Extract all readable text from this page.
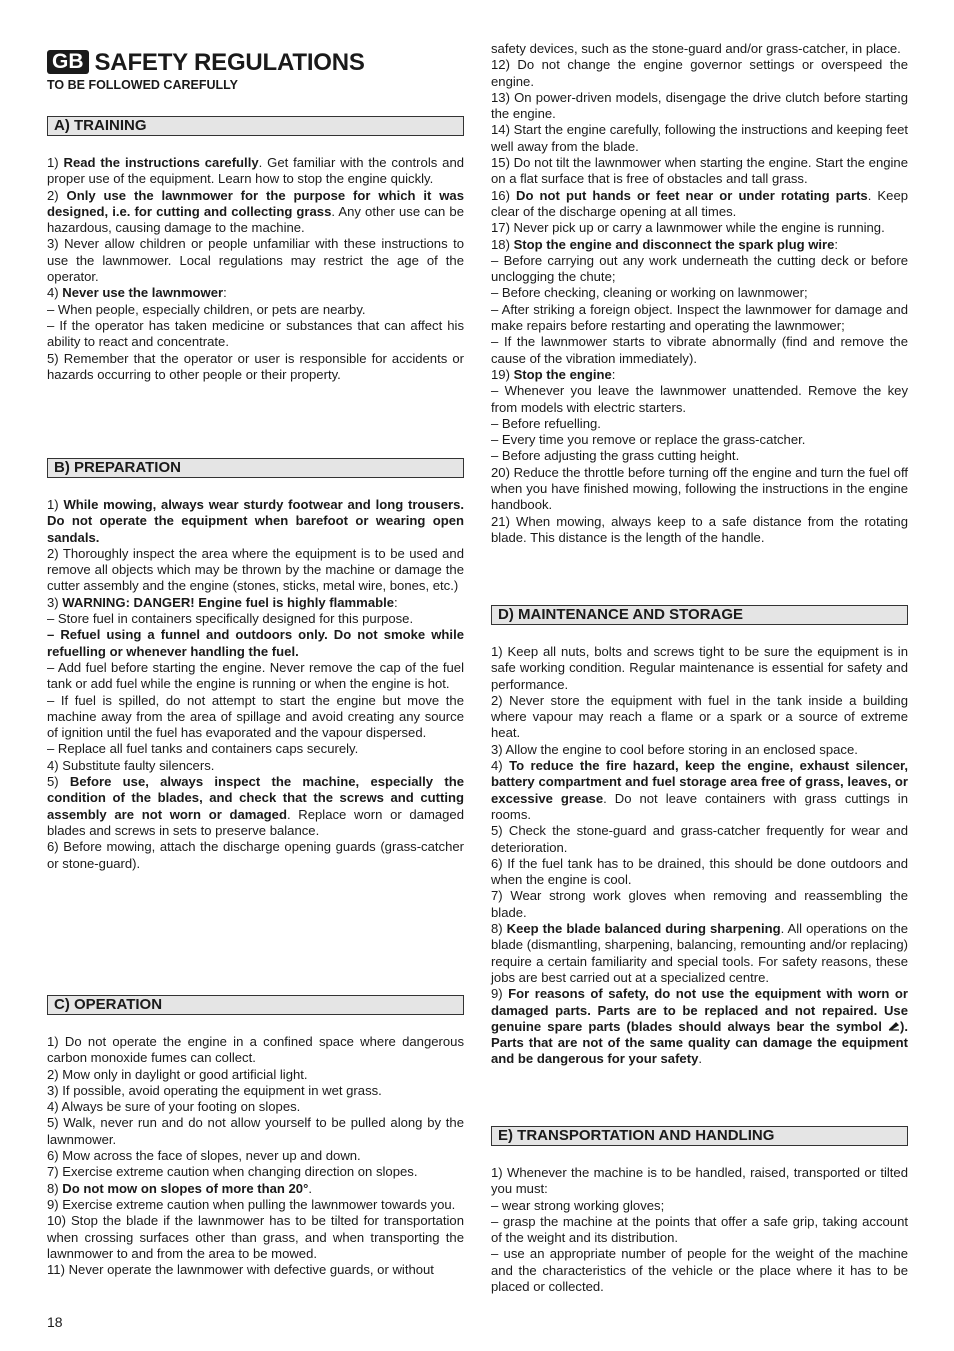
GB SAFETY REGULATIONS
TO BE FOLLOWED CAREFULLY
A) TRAINING
B) PREPARATION
C) OPERATION
D) MAINTENANCE AND STORAGE
E) TRANSPORTATION AND HANDLING

1) Read the instructions carefully. Get familiar with the controls and proper use of the equipment. Learn how to stop the engine quickly.

2) Only use the lawnmower for the purpose for which it was designed, i.e. for cutting and collecting grass. Any other use can be hazardous, causing damage to the machine.

3) Never allow children or people unfamiliar with these instructions to use the lawnmower. Local regulations may restrict the age of the operator.

4) Never use the lawnmower:

– When people, especially children, or pets are nearby.

– If the operator has taken medicine or substances that can affect his ability to react and concentrate.

5) Remember that the operator or user is responsible for accidents or hazards occurring to other people or their property.

1) While mowing, always wear sturdy footwear and long trousers. Do not operate the equipment when barefoot or wearing open sandals.

2) Thoroughly inspect the area where the equipment is to be used and remove all objects which may be thrown by the machine or damage the cutter assembly and the engine (stones, sticks, metal wire, bones, etc.)

3) WARNING: DANGER! Engine fuel is highly flammable:

– Store fuel in containers specifically designed for this purpose.

– Refuel using a funnel and outdoors only. Do not smoke while refuelling or whenever handling the fuel.

– Add fuel before starting the engine. Never remove the cap of the fuel tank or add fuel while the engine is running or when the engine is hot.

– If fuel is spilled, do not attempt to start the engine but move the machine away from the area of spillage and avoid creating any source of ignition until the fuel has evaporated and the vapour dispersed.

– Replace all fuel tanks and containers caps securely.

4) Substitute faulty silencers.

5) Before use, always inspect the machine, especially the condition of the blades, and check that the screws and cutting assembly are not worn or damaged. Replace worn or damaged blades and screws in sets to preserve balance.

6) Before mowing, attach the discharge opening guards (grass-catcher or stone-guard).

1) Do not operate the engine in a confined space where dangerous carbon monoxide fumes can collect.

2) Mow only in daylight or good artificial light.

3) If possible, avoid operating the equipment in wet grass.

4) Always be sure of your footing on slopes.

5) Walk, never run and do not allow yourself to be pulled along by the lawnmower.

6) Mow across the face of slopes, never up and down.

7) Exercise extreme caution when changing direction on slopes.

8) Do not mow on slopes of more than 20°.

9) Exercise extreme caution when pulling the lawnmower towards you.

10) Stop the blade if the lawnmower has to be tilted for transportation when crossing surfaces other than grass, and when transporting the lawnmower to and from the area to be mowed.

11) Never operate the lawnmower with defective guards, or without

safety devices, such as the stone-guard and/or grass-catcher, in place.

12) Do not change the engine governor settings or overspeed the engine.

13) On power-driven models, disengage the drive clutch before starting the engine.

14) Start the engine carefully, following the instructions and keeping feet well away from the blade.

15) Do not tilt the lawnmower when starting the engine. Start the engine on a flat surface that is free of obstacles and tall grass.

16) Do not put hands or feet near or under rotating parts. Keep clear of the discharge opening at all times.

17) Never pick up or carry a lawnmower while the engine is running.

18) Stop the engine and disconnect the spark plug wire:

– Before carrying out any work underneath the cutting deck or before unclogging the chute;

– Before checking, cleaning or working on lawnmower;

– After striking a foreign object. Inspect the lawnmower for damage and make repairs before restarting and operating the lawnmower;

– If the lawnmower starts to vibrate abnormally (find and remove the cause of the vibration immediately).

19) Stop the engine:

– Whenever you leave the lawnmower unattended. Remove the key from models with electric starters.

– Before refuelling.

– Every time you remove or replace the grass-catcher.

– Before adjusting the grass cutting height.

20) Reduce the throttle before turning off the engine and turn the fuel off when you have finished mowing, following the instructions in the engine handbook.

21) When mowing, always keep to a safe distance from the rotating blade. This distance is the length of the handle.

1) Keep all nuts, bolts and screws tight to be sure the equipment is in safe working condition. Regular maintenance is essential for safety and performance.

2) Never store the equipment with fuel in the tank inside a building where vapour may reach a flame or a spark or a source of extreme heat.

3) Allow the engine to cool before storing in an enclosed space.

4) To reduce the fire hazard, keep the engine, exhaust silencer, battery compartment and fuel storage area free of grass, leaves, or excessive grease. Do not leave containers with grass cuttings in rooms.

5) Check the stone-guard and grass-catcher frequently for wear and deterioration.

6) If the fuel tank has to be drained, this should be done outdoors and when the engine is cool.

7) Wear strong work gloves when removing and reassembling the blade.

8) Keep the blade balanced during sharpening. All operations on the blade (dismantling, sharpening, balancing, remounting and/or replacing) require a certain familiarity and special tools. For safety reasons, these jobs are best carried out at a specialized centre.

9) For reasons of safety, do not use the equipment with worn or damaged parts. Parts are to be replaced and not repaired. Use genuine spare parts (blades should always bear the symbol ). Parts that are not of the same quality can damage the equipment and be dangerous for your safety.

1) Whenever the machine is to be handled, raised, transported or tilted you must:

– wear strong working gloves;

– grasp the machine at the points that offer a safe grip, taking account of the weight and its distribution.

– use an appropriate number of people for the weight of the machine and the characteristics of the vehicle or the place where it has to be placed or collected.

18
